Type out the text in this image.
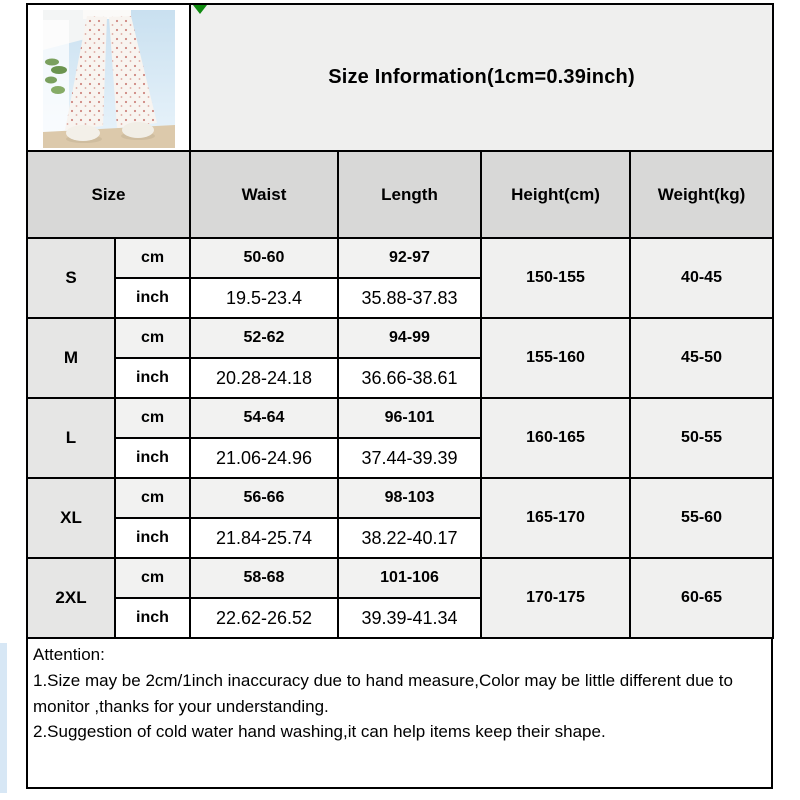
Size Information(1cm=0.39inch)			

Size		Waist	Length	Height(cm)	Weight(kg)
S	cm	50-60	92-97	150-155	40-45
	inch	19.5-23.4	35.88-37.83		
M	cm	52-62	94-99	155-160	45-50
	inch	20.28-24.18	36.66-38.61		
L	cm	54-64	96-101	160-165	50-55
	inch	21.06-24.96	37.44-39.39		
XL	cm	56-66	98-103	165-170	55-60
	inch	21.84-25.74	38.22-40.17		
2XL	cm	58-68	101-106	170-175	60-65
	inch	22.62-26.52	39.39-41.34		

Attention:

1.Size may be 2cm/1inch inaccuracy due to hand measure,Color may be little different due to monitor ,thanks for your understanding.

2.Suggestion of cold water hand washing,it can help items keep their shape.
